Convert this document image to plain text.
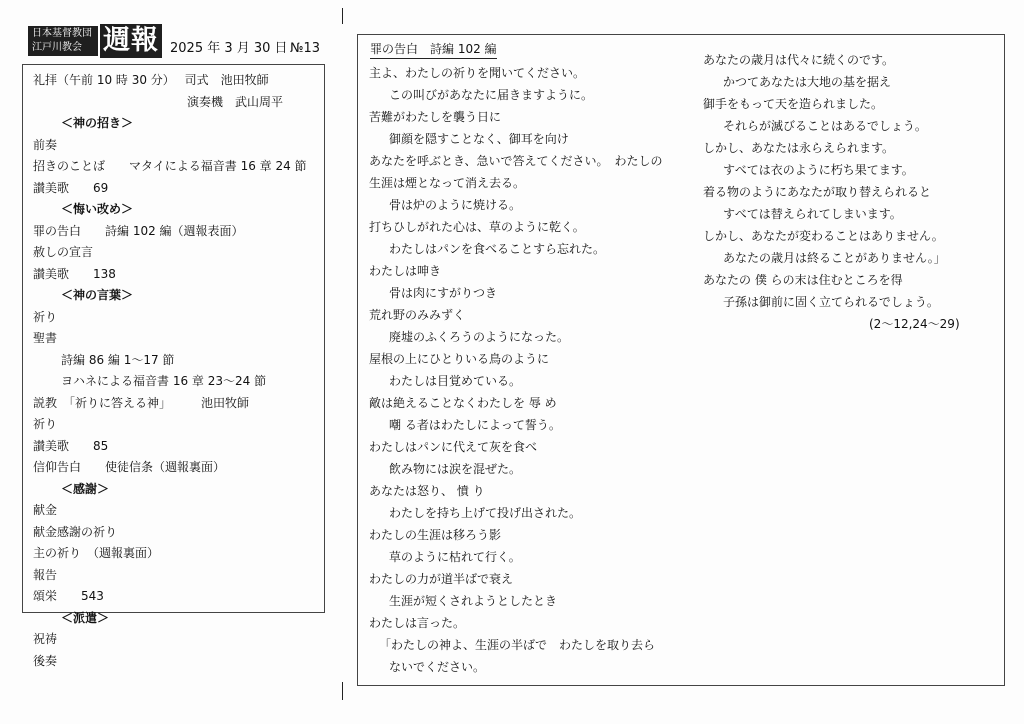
日本基督教団
江戸川教会 週報 2025 年 3 月 30 日 №13
礼拝（午前 10 時 30 分）　 司式　池田牧師
演奏機　武山周平
＜神の招き＞
前奏
招きのことば　　マタイによる福音書 16 章 24 節
讃美歌　　69
＜悔い改め＞
罪の告白　　詩編 102 編（週報表面）
赦しの宣言
讃美歌　　138
＜神の言葉＞
祈り
聖書
詩編 86 編 1～17 節
ヨハネによる福音書 16 章 23～24 節
説教　「祈りに答える神」　　　池田牧師
祈り
讃美歌　　85
信仰告白　　使徒信条（週報裏面）
＜感謝＞
献金
献金感謝の祈り
主の祈り　（週報裏面）
報告
頌栄　　543
＜派遣＞
祝祷
後奏
罪の告白　詩編 102 編
主よ、わたしの祈りを聞いてください。
この叫びがあなたに届きますように。
苦難がわたしを襲う日に
御顔を隠すことなく、御耳を向け
あなたを呼ぶとき、急いで答えてください。　わたしの
生涯は煙となって消え去る。
骨は炉のように焼ける。
打ちひしがれた心は、草のように乾く。
わたしはパンを食べることすら忘れた。
わたしは呻き
骨は肉にすがりつき
荒れ野のみみずく
廃墟のふくろうのようになった。
屋根の上にひとりいる鳥のように
わたしは目覚めている。
敵は絶えることなくわたしを 辱 め
嘲 る者はわたしによって誓う。
わたしはパンに代えて灰を食べ
飲み物には涙を混ぜた。
あなたは怒り、 憤 り
わたしを持ち上げて投げ出された。
わたしの生涯は移ろう影
草のように枯れて行く。
わたしの力が道半ばで衰え
生涯が短くされようとしたとき
わたしは言った。
「わたしの神よ、生涯の半ばで　わたしを取り去ら
ないでください。
あなたの歳月は代々に続くのです。
かつてあなたは大地の基を据え
御手をもって天を造られました。
それらが滅びることはあるでしょう。
しかし、あなたは永らえられます。
すべては衣のように朽ち果てます。
着る物のようにあなたが取り替えられると
すべては替えられてしまいます。
しかし、あなたが変わることはありません。
あなたの歳月は終ることがありません。」
あなたの 僕 らの末は住むところを得
子孫は御前に固く立てられるでしょう。
(2～12,24～29)
